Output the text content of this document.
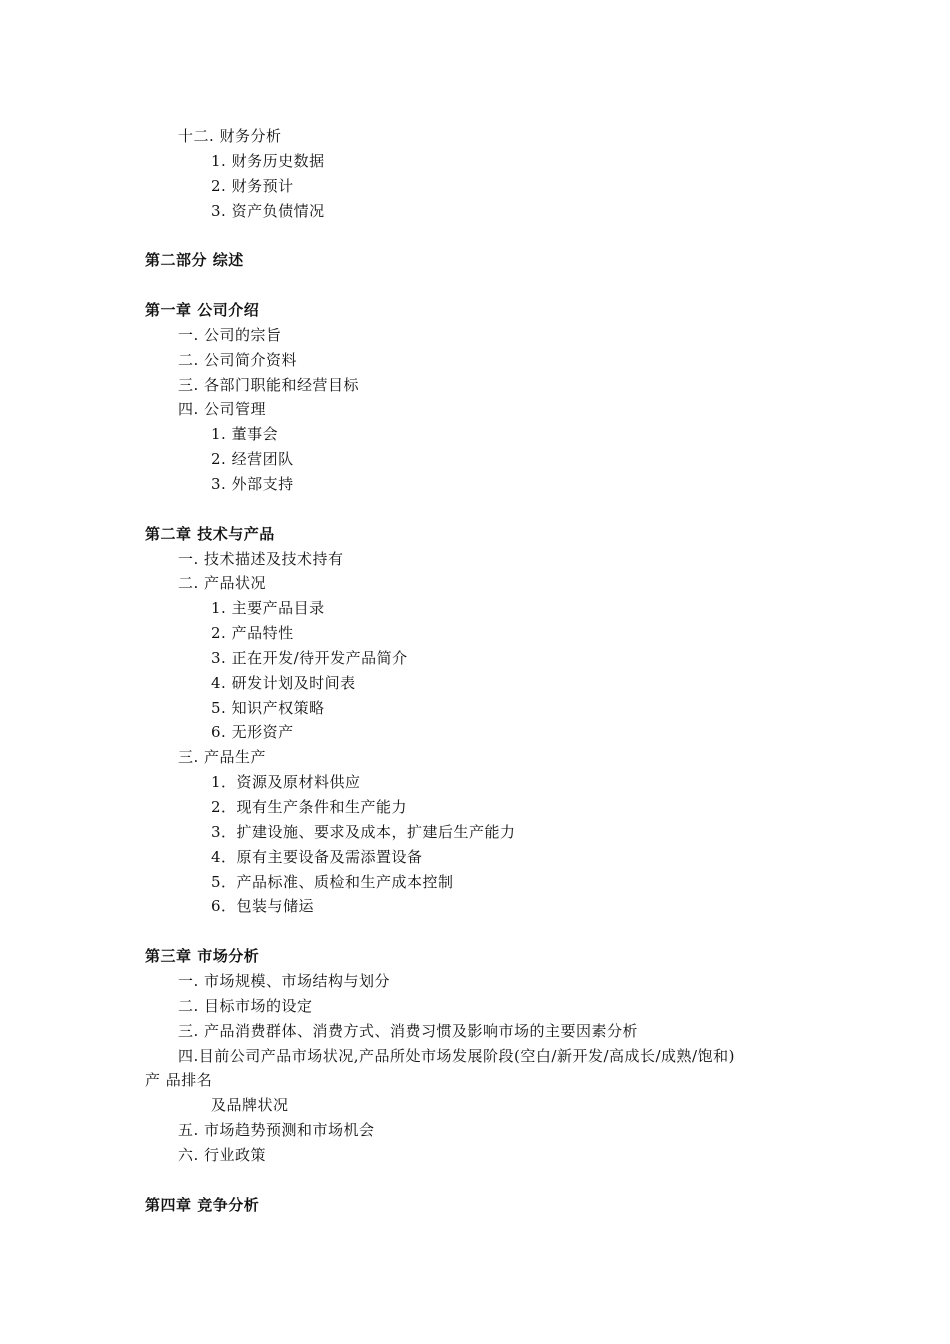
十二. 财务分析
1. 财务历史数据
2. 财务预计
3. 资产负债情况
第二部分 综述
第一章 公司介绍
一. 公司的宗旨
二. 公司简介资料
三. 各部门职能和经营目标
四. 公司管理
1. 董事会
2. 经营团队
3. 外部支持
第二章 技术与产品
一. 技术描述及技术持有
二. 产品状况
1. 主要产品目录
2. 产品特性
3. 正在开发/待开发产品简介
4. 研发计划及时间表
5. 知识产权策略
6. 无形资产
三. 产品生产
1．资源及原材料供应
2．现有生产条件和生产能力
3．扩建设施、要求及成本，扩建后生产能力
4．原有主要设备及需添置设备
5．产品标准、质检和生产成本控制
6．包装与储运
第三章 市场分析
一. 市场规模、市场结构与划分
二. 目标市场的设定
三. 产品消费群体、消费方式、消费习惯及影响市场的主要因素分析
四.目前公司产品市场状况,产品所处市场发展阶段(空白/新开发/高成长/成熟/饱和)
产 品排名
及品牌状况
五. 市场趋势预测和市场机会
六. 行业政策
第四章 竞争分析
